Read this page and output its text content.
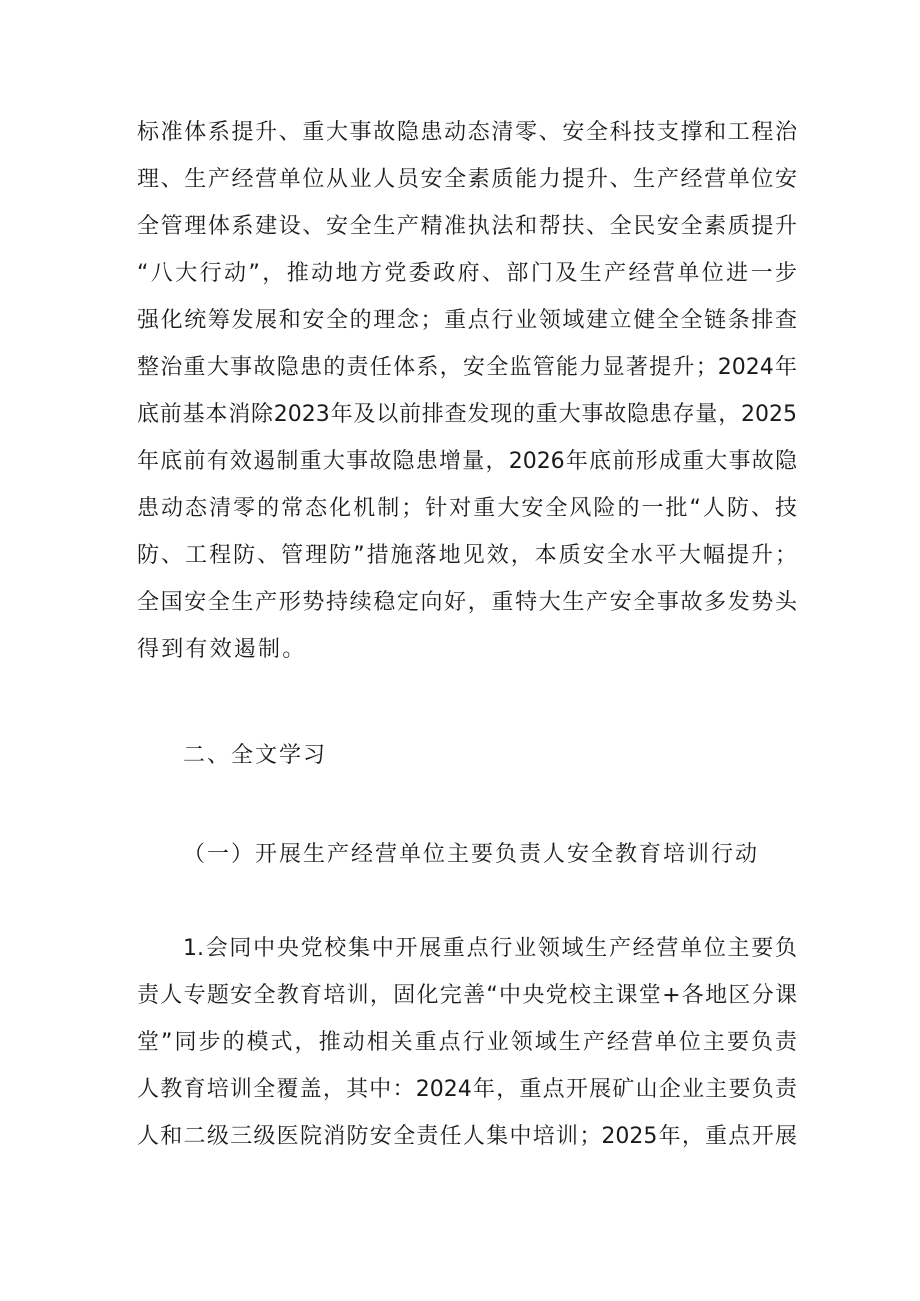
标准体系提升、重大事故隐患动态清零、安全科技支撑和工程治
理、生产经营单位从业人员安全素质能力提升、生产经营单位安
全管理体系建设、安全生产精准执法和帮扶、全民安全素质提升
“八大行动”，推动地方党委政府、部门及生产经营单位进一步
强化统筹发展和安全的理念；重点行业领域建立健全全链条排查
整治重大事故隐患的责任体系，安全监管能力显著提升；2024年
底前基本消除2023年及以前排查发现的重大事故隐患存量，2025
年底前有效遏制重大事故隐患增量，2026年底前形成重大事故隐
患动态清零的常态化机制；针对重大安全风险的一批“人防、技
防、工程防、管理防”措施落地见效，本质安全水平大幅提升；
全国安全生产形势持续稳定向好，重特大生产安全事故多发势头
得到有效遏制。
二、全文学习
（一）开展生产经营单位主要负责人安全教育培训行动
1.会同中央党校集中开展重点行业领域生产经营单位主要负
责人专题安全教育培训，固化完善“中央党校主课堂+各地区分课
堂”同步的模式，推动相关重点行业领域生产经营单位主要负责
人教育培训全覆盖，其中：2024年，重点开展矿山企业主要负责
人和二级三级医院消防安全责任人集中培训；2025年，重点开展
